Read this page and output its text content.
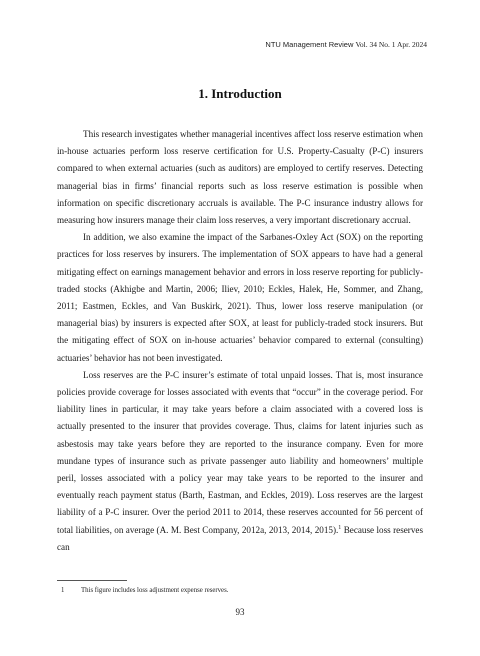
NTU Management Review Vol. 34 No. 1 Apr. 2024
1. Introduction

This research investigates whether managerial incentives affect loss reserve estimation when in-house actuaries perform loss reserve certification for U.S. Property-Casualty (P-C) insurers compared to when external actuaries (such as auditors) are employed to certify reserves. Detecting managerial bias in firms’ financial reports such as loss reserve estimation is possible when information on specific discretionary accruals is available. The P-C insurance industry allows for measuring how insurers manage their claim loss reserves, a very important discretionary accrual.

In addition, we also examine the impact of the Sarbanes-Oxley Act (SOX) on the reporting practices for loss reserves by insurers. The implementation of SOX appears to have had a general mitigating effect on earnings management behavior and errors in loss reserve reporting for publicly-traded stocks (Akhigbe and Martin, 2006; Iliev, 2010; Eckles, Halek, He, Sommer, and Zhang, 2011; Eastmen, Eckles, and Van Buskirk, 2021). Thus, lower loss reserve manipulation (or managerial bias) by insurers is expected after SOX, at least for publicly-traded stock insurers. But the mitigating effect of SOX on in-house actuaries’ behavior compared to external (consulting) actuaries’ behavior has not been investigated.

Loss reserves are the P-C insurer’s estimate of total unpaid losses. That is, most insurance policies provide coverage for losses associated with events that “occur” in the coverage period. For liability lines in particular, it may take years before a claim associated with a covered loss is actually presented to the insurer that provides coverage. Thus, claims for latent injuries such as asbestosis may take years before they are reported to the insurance company. Even for more mundane types of insurance such as private passenger auto liability and homeowners’ multiple peril, losses associated with a policy year may take years to be reported to the insurer and eventually reach payment status (Barth, Eastman, and Eckles, 2019). Loss reserves are the largest liability of a P-C insurer. Over the period 2011 to 2014, these reserves accounted for 56 percent of total liabilities, on average (A. M. Best Company, 2012a, 2013, 2014, 2015).$^1$ Because loss reserves can

1 This figure includes loss adjustment expense reserves.
93
